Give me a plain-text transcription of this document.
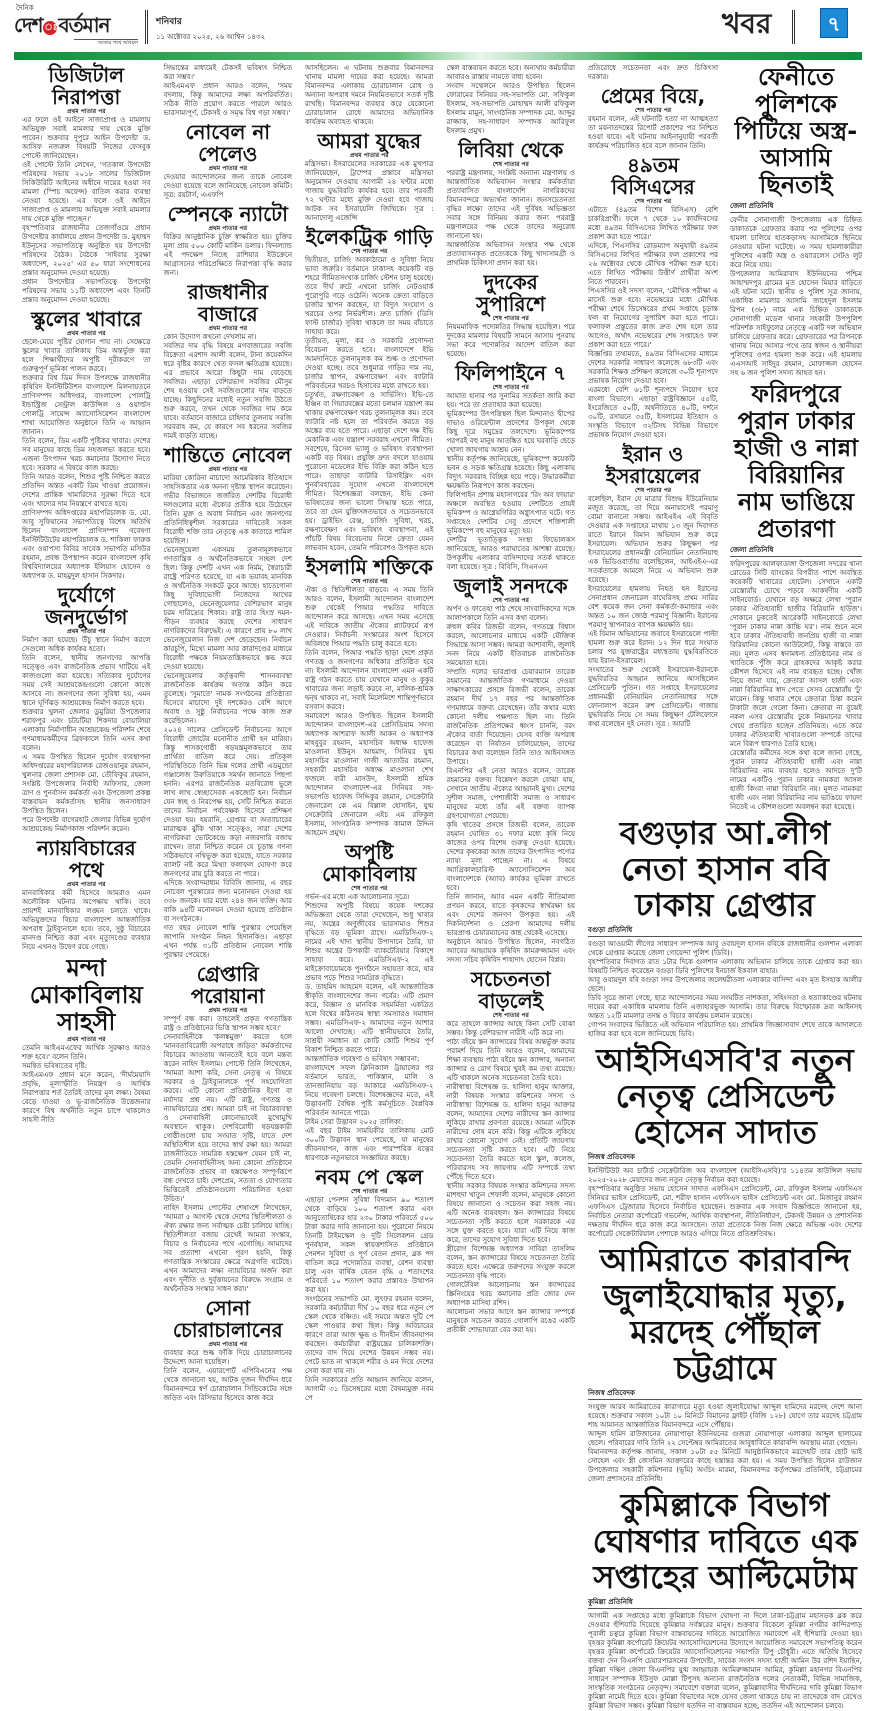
দৈনিক
দেশ ঃবর্তমান
সত্যের পথে অবিচল
শনিবার
১১ অক্টোবর ২০২৫, ২৬ আশ্বিন ১৪৩২	খবর	৭
ডিজিটাল নিরাপত্তা
প্রথম পাতার পর

এর ফলে ওই আইনে সাজাপ্রাপ্ত ও মামলায় অভিযুক্ত সবাই মামলার দায় থেকে মুক্তি পাবেন। শুক্রবার দুপুরে আইন উপদেষ্টা ড. আসিফ নজরুল বিষয়টি নিজের ফেসবুক পোস্টে জানিয়েছেন।

ওই পোস্টে তিনি লেখেন, 'গতকাল উপদেষ্টা পরিষদের সভায় ২০১৮ সালের ডিজিটাল সিকিউরিটি আইনের অধীনে দায়ের হওয়া সব মামলা (স্পিচ অফেন্স) বাতিল করার ব্যবস্থা নেওয়া হয়েছে। এর ফলে ওই আইনে সাজাপ্রাপ্ত ও মামলায় অভিযুক্ত সবাই মামলার দায় থেকে মুক্তি পাচ্ছেন।'

বৃহস্পতিবার রাজধানীর তেজগাঁওয়ে প্রধান উপদেষ্টার কার্যালয়ে প্রধান উপদেষ্টা ড. মুহাম্মদ ইউনূসের সভাপতিত্বে অনুষ্ঠিত হয় উপদেষ্টা পরিষদের বৈঠক। বৈঠকে 'সাইবার সুরক্ষা অধ্যাদেশ, ২০২৫' এর ৫০ ধারা সংশোধনের প্রস্তাব অনুমোদন দেওয়া হয়েছে।

প্রধান উপদেষ্টার সভাপতিত্বে উপদেষ্টা পরিষদের সভায় ১১টি অধ্যাদেশ এবং তিনটি প্রস্তাব অনুমোদন দেওয়া হয়েছে।

স্কুলের খাবারে
প্রথম পাতার পর

ছেলে-মেয়ে পুষ্টির যোগান পায় না। সেক্ষেত্রে স্কুলের খাবার তালিকায় ডিম অন্তর্ভুক্ত করা হলে শিক্ষার্থীদের অপুষ্টি দূরীকরণে তা গুরুত্বপূর্ণ ভূমিকা পালন করবে।

শুক্রবার বিশ্ব ডিম দিবস উপলক্ষে রাজধানীর কৃষিবিদ ইনস্টিটিউশন বাংলাদেশ মিলনায়তনে প্রাণিসম্পদ অধিদপ্তর, বাংলাদেশ পোলট্রি ইন্ডাস্ট্রিজ সেন্ট্রাল কাউন্সিল ও ওয়ার্ল্ডস পোলট্রি সায়েন্স অ্যাসোসিয়েশন বাংলাদেশ শাখা আয়োজিত অনুষ্ঠানে তিনি এ আহ্বান জানান।

তিনি বলেন, ডিম একটি পুষ্টিকর খাবার। দেশের সব মানুষের কাছে ডিম সহজলভ্য করতে হবে। এজন্য উৎপাদন খরচ কমানোর উদ্যোগ নিতে হবে। সরকার এ বিষয়ে কাজ করছে।

তিনি আরও বলেন, শিশুর পুষ্টি নিশ্চিত করতে প্রতিদিন অন্তত একটি ডিম খাওয়া প্রয়োজন। দেশের প্রান্তিক খামারিদের সুরক্ষা দিতে হবে এবং খাদ্যের দাম নিয়ন্ত্রণে রাখতে হবে।

প্রাণিসম্পদ অধিদপ্তরের মহাপরিচালক ড. মো. আবু সুফিয়ানের সভাপতিত্বে বিশেষ অতিথি ছিলেন বাংলাদেশ প্রাণিসম্পদ গবেষণা ইনস্টিটিউটের মহাপরিচালক ড. শাকিলা ফারুক এবং ওয়াপসা বিবির সাবেক সভাপতি মসিউর রহমান, প্রবন্ধ উপস্থাপন করেন বাংলাদেশ কৃষি বিশ্ববিদ্যালয়ের অধ্যাপক ইলিয়াস হোসেন ও অধ্যাপক ড. মাহমুদুল হাসান সিকদার।

দুর্যোগে জনদুর্ভোগ
প্রথম পাতার পর

নির্মাণ করা হয়েছে। উঁচু স্থানে নির্মাণ করলে সেগুলো অধিক কার্যকর হতো।

তিনি বলেন, স্থানীয় জনগণের আপত্তি সত্ত্বেও এবং রাজনৈতিক প্রভাব খাটিয়ে এই কাজগুলো করা হয়েছে। সত্যিকার দুর্যোগের সময় সেই আশ্রয়কেন্দ্রগুলো কোনো কাজে আসবে না। জনগণের জন্য সুবিধা হয়, এমন স্থানে ঘূর্ণিঝড় আশ্রয়কেন্দ্র নির্মাণ করতে হবে।

শুক্রবার খুলনা জেলার ডুমুরিয়া উপজেলার শরাফপুর এবং চটচটিয়া শিকদার বোয়ালিয়া এলাকায় নির্মাণাধীন আশ্রয়কেন্দ্র পরিদর্শন শেষে গণমাধ্যমকর্মীদের ব্রিফকালে তিনি এসব কথা বলেন।

এ সময় উপস্থিত ছিলেন দুর্যোগ ব্যবস্থাপনা অধিদপ্তরের মহাপরিচালক রেজওয়ানুর রহমান, খুলনার জেলা প্রশাসক মো. তৌফিকুর রহমান, সংশ্লিষ্ট উপজেলার নির্বাহী অফিসার, জেলা ত্রাণ ও পুনর্বাসন কর্মকর্তা এবং উপজেলা প্রকল্প বাস্তবায়ন কর্মকর্তাসহ স্থানীয় জনসাধারণ উপস্থিত ছিলেন।

পরে উপদেষ্টা বাগেরহাট জেলার বিভিন্ন দুর্যোগ আশ্রয়কেন্দ্র নির্মাণকাজ পরিদর্শন করেন।

ন্যায়বিচারের পথে
প্রথম পাতার পর

মানবাধিকার কর্মী হিসেবে আমরাও এমন অলৌকিক ঘটনার অপেক্ষায় থাকি। তবে প্রায়শই মানবাধিকার লঙ্ঘন চলতে থাকে। অভিযুক্তদের বিচার বাংলাদেশ আন্তর্জাতিক অপরাধ ট্রাইব্যুনালে হবে। তবে, সুষ্ঠু বিচারের মানদণ্ড নিশ্চিত করা এবং মৃত্যুদণ্ডের ব্যবহার নিয়ে এখনও উদ্বেগ রয়ে গেছে।

মন্দা মোকাবিলায় সাহসী
প্রথম পাতার পর

তেমনি আইএমএফের আর্থিক সুরক্ষাও আরও শক্ত হবে।' বলেন তিনি।

সমন্বিত ভবিষ্যতের দৃষ্টি:

আইএমএফ প্রধান মনে করেন, 'দীর্ঘমেয়াদি প্রবৃদ্ধি, মূল্যস্ফীতি নিয়ন্ত্রণ ও আর্থিক নিরাপত্তার শর্ত তৈরিই তাদের মূল লক্ষ্য। বৈষম্য বেড়ে যাওয়া ও ভূ-রাজনৈতিক উত্তেজনার কারণে বিশ্ব অর্থনীতি নতুন চাপে থাকলেও সাহসী নীতি

সিদ্ধান্তের মাধ্যমেই টেকসই ভবিষ্যৎ নিশ্চিত করা সম্ভব।'

আইএমএফ প্রধান আরও বলেন, 'সময় বদলায়, কিন্তু আমাদের লক্ষ্য অপরিবর্তিত। সঠিক নীতি প্রয়োগ করতে পারলে আরও ভারসাম্যপূর্ণ, টেকসই ও সমৃদ্ধ বিশ্ব গড়া সম্ভব।'

নোবেল না পেলেও
প্রথম পাতার পর

দেওয়ার আন্দোলনের জন্য তাকে নোবেল দেওয়া হয়েছে বলে জানিয়েছে নোবেল কমিটি। সূত্র: রয়টার্স, এএফপি

স্পেনকে ন্যাটো
প্রথম পাতার পর

বিক্রির আনুষ্ঠানিক চুক্তি স্বাক্ষরিত হয়। চুক্তির মূল্য প্রায় ৫০০ কোটি মার্কিন ডলার। ফিনল্যান্ড এই পদক্ষেপ নিচ্ছে রাশিয়ার ইউক্রেনে আগ্রাসনের পরিপ্রেক্ষিতে নিরাপত্তা বৃদ্ধি করার জন্য।

রাজধানীর বাজারে
প্রথম পাতার পর

কোন উদ্যোগ কখনো দেখলাম না।

সবজির দাম বৃদ্ধি বিষয়ে মগবাজারের সবজি বিক্রেতা এরশাদ আলী বলেন, টানা কয়েকদিন ধরে বৃষ্টির কারণে খেত ফসল ক্ষতিগ্রস্ত হয়েছে। এর প্রভাবে আরো কিছুটা দাম বেড়েছে সবজির। এছাড়া বেশিরভাগ সবজির মৌসুম শেষ হওয়ায় সেই সবজিগুলোর দাম বাড়তে যাচ্ছে। কিছুদিনের মধ্যেই নতুন সবজি উঠতে শুরু করবে, তখন থেকে সবজির দাম কমে যাবে। বর্তমানে বাজারে চাহিদার তুলনায় সবজি সরবরাহ কম, যে কারণে সব ধরনের সবজির দামই বাড়তি যাচ্ছে।

শান্তিতে নোবেল
প্রথম পাতার পর

মারিয়া কোরিনা মাচাদো আমেরিকার ইতিহাসে সাহসিকতার এক অনন্য দৃষ্টান্ত স্থাপন করেছেন। গভীর বিভাজনে জর্জরিত দেশটির বিরোধী দলগুলোর মধ্যে ঐক্যের প্রতীক হয়ে উঠেছেন তিনি। মুক্ত ও অবাধ নির্বাচন এবং জনগণের প্রতিনিধিত্বশীল সরকারের দাবিতেই সকল বিরোধী শক্তি তার নেতৃত্বে এক কাতারে শামিল হয়েছিল।

ভেনেজুয়েলা একসময় তুলনামূলকভাবে গণতান্ত্রিক ও অর্থনৈতিকভাবে সচ্ছল দেশ ছিল। কিন্তু দেশটি এখন এক নির্মম, স্বৈরাচারী রাষ্ট্রে পরিণত হয়েছে, যা এক ভয়াবহ মানবিক ও অর্থনৈতিক সংকটে ডুবে আছে। হাতেগোনা কিছু সুবিধাভোগী নিজেদের আখের গোছালেও, ভেনেজুয়েলার বেশিরভাগ মানুষ চরম দারিদ্র্যের শিকার। রাষ্ট্র তার হিংস্র দমন-পীড়ন ব্যবহার করছে দেশের সাধারণ নাগরিকদের বিরুদ্ধেই। এ কারণে প্রায় ৮০ লাখ ভেনেজুয়েলান নিজ দেশ ছেড়েছেন। নির্বাচন কারচুপি, মিথ্যে মামলা আর কারাদণ্ডের মাধ্যমে বিরোধী পক্ষকে নিয়মতান্ত্রিকভাবে স্তব্ধ করে দেওয়া হয়েছে।

ভেনেজুয়েলার কর্তৃত্ববাদী শাসনব্যবস্থা রাজনৈতিক কার্যক্রম অত্যন্ত কঠিন করে তুলেছে। 'সুমাতে' নামক সংগঠনের প্রতিষ্ঠাতা হিসেবে মাচাদো দুই দশকেরও বেশি আগে অবাধ ও সুষ্ঠু নির্বাচনের পক্ষে কাজ শুরু করেছিলেন।

২০২৪ সালের প্রেসিডেন্ট নির্বাচনের আগে বিরোধী জোটের মনোনীত প্রার্থী হন মারিয়া। কিন্তু শাসকগোষ্ঠী ষড়যন্ত্রমূলকভাবে তার প্রার্থিতা বাতিল করে দেয়। প্রতিকূল পরিস্থিতিতে তিনি ভিন্ন দলের প্রার্থী এডমুন্ডো গঞ্জালেজ উরুতিয়াকে সমর্থন জানাতে পিছপা হননি। এরপর রাজনৈতিক মতবিরোধ ভুলে লাখ লাখ স্বেচ্ছাসেবক একজোট হন। নির্বাচন যেন স্বচ্ছ ও নিরপেক্ষ হয়, সেটি নিশ্চিত করতে তাদের নির্বাচন পর্যবেক্ষক হিসেবে প্রশিক্ষণ দেওয়া হয়। হয়রানি, গ্রেপ্তার বা অত্যাচারের মারাত্মক ঝুঁকি থাকা সত্ত্বেও, সারা দেশের নাগরিকরা ভোটকেন্দ্রে কড়া নজরদারি বজায় রাখেন। তারা নিশ্চিত করেন যে চূড়ান্ত গণনা সঠিকভাবে নথিভুক্ত করা হয়েছে, যাতে সরকার ব্যালট নষ্ট করে মিথ্যা ফলাফল ঘোষণা করে জনগণের রায় চুরি করতে না পারে।

এদিকে সংবাদমাধ্যম বিবিসি জানায়, এ বছর নোবেল পুরস্কারের জন্য মনোনয়ন দেওয়া হয় ৩৩৮ জনকে। যার মধ্যে ২৪৪ জন ব্যক্তি। আর বাকি ৯৪টি মনোনয়ন দেওয়া হয়েছে প্রতিষ্ঠান বা সংগঠনকে।

গত বছর নোবেল শান্তি পুরস্কার পেয়েছিল জাপানি সংগঠন নিহন হিদানকিও। এছাড়া এখন পর্যন্ত ৩১টি প্রতিষ্ঠান নোবেল শান্তি পুরস্কার পেয়েছে।

গ্রেপ্তারি পরোয়ানা
প্রথম পাতার পর

সম্পূর্ণ বন্ধ করা। তাহলেই প্রকৃত গণতান্ত্রিক রাষ্ট্র ও প্রতিষ্ঠানের ভিত্তি স্থাপন সম্ভব হবে।'

সেনাবাহিনীকে 'কলঙ্কমুক্ত' করতে হলে 'মানবতাবিরোধী অপরাধে জড়িত' কর্মকর্তাদের বিচারের আওতায় আনতেই হবে বলে মন্তব্য করেন নাহিদ ইসলাম। পোস্টে তিনি লিখেছেন, 'আমরা আশা করি, সেনা নেতৃত্ব এ বিষয়ে সরকার ও ট্রাইব্যুনালকে পূর্ণ সহযোগিতা করবে। এটি কোনো প্রতিষ্ঠানিক ইগো বা মর্যাদার প্রশ্ন নয়। এটি রাষ্ট্র, গণতন্ত্র ও ন্যায়বিচারের প্রশ্ন। আমরা চাই না বিচারব্যবস্থা ও সেনাবাহিনী কোনোভাবেই মুখোমুখি অবস্থানে থাকুক। দেশবিরোধী ষড়যন্ত্রকারী গোষ্ঠীগুলো চায় সংঘাত সৃষ্টি, যাতে দেশ অস্থিতিশীল হয়ে তাদের স্বার্থ রক্ষা হয়। আমরা রাজনীতিতে সামরিক হস্তক্ষেপ যেমন চাই না, তেমনি সেনাবাহিনীসহ অন্য কোনো প্রতিষ্ঠানে রাজনৈতিক প্রভাব বা হস্তক্ষেপও সম্পূর্ণরূপে বন্ধ দেখতে চাই। দেশপ্রেম, সততা ও যোগ্যতার ভিত্তিতেই প্রতিষ্ঠানগুলো পরিচালিত হওয়া উচিত।'

নাহিদ ইসলাম পোস্টের শেষাংশে লিখেছেন, 'আমরা ৫ আগস্ট থেকে দেশের স্থিতিশীলতা ও ঐক্য রক্ষার জন্য সর্বাত্মক চেষ্টা চালিয়ে যাচ্ছি। স্থিতিশীলতা বজায় রেখেই আমরা সংস্কার, বিচার ও নির্বাচনের পথে এগোচ্ছি। আমাদের সব প্রত্যাশা এখনো পূরণ হয়নি, কিন্তু গণতান্ত্রিক সংস্কারের ক্ষেত্রে অগ্রগতি ঘটেছে। এখন আমাদের লক্ষ্য ন্যায়বিচার অর্জন করা এবং দুর্নীতি ও দুর্বৃত্তায়নের বিরুদ্ধে সংগ্রাম ও অর্থনৈতিক সংস্কার সাধন করা।'

সোনা চোরাচালানের
প্রথম পাতার পর

ব্যবহার করে শুল্ক ফাঁকি দিয়ে চোরাচালানের উদ্দেশ্যে আনা হয়েছিল।

তিনি বলেন, এয়ারপোর্ট এপিবিএনের পক্ষ থেকে জানানো হয়, আটক দুজন দীর্ঘদিন ধরে বিমানবন্দরে স্বর্ণ চোরাচালান সিন্ডিকেটের সঙ্গে জড়িত এবং রিসিভার হিসেবে কাজ করে

আসছিলেন। এ ঘটনায় শুক্রবার বিমানবন্দর থানায় মামলা দায়ের করা হয়েছে। আমরা বিমানবন্দর এলাকায় চোরাচালান রোধ ও অন্যান্য অপরাধ দমনে নিয়মিতভাবে সতর্ক দৃষ্টি রাখছি। বিমানবন্দর ব্যবহার করে যেকোনো চোরাচালান রোধে আমাদের অভিযানিক কার্যক্রম অব্যাহত থাকবে।

আমরা যুদ্ধের
প্রথম পাতার পর

মন্ত্রিসভা। ইসরায়েলের সরকারের এক মুখপাত্র জানিয়েছেন, ট্রাম্পের প্রস্তাবে মন্ত্রিসভা অনুমোদন দেওয়ায় আগামী ২৪ ঘণ্টার মধ্যে গাজায় যুদ্ধবিরতি কার্যকর হবে। তার পরবর্তী ৭২ ঘণ্টার মধ্যে মুক্তি দেওয়া হবে গাজায় আটক সব ইসরায়েলি জিম্মিকে। সূত্র : আনাদোলু এজেন্সি

ইলেকট্রিক গাড়ি
শেষ পাতার পর

দ্বিতীয়ত, চার্জিং অবকাঠামো ও সুবিধা নিয়ে ভাবা জরুরি। বর্তমানে ঢাকাসহ কয়েকটি বড় শহরে সীমিতসংখ্যক চার্জিং স্টেশন চালু হয়েছে। তবে দীর্ঘ রুটে এখনো চার্জিং নেটওয়ার্ক পুরোপুরি গড়ে ওঠেনি। অনেক ক্রেতা বাড়িতে চার্জার স্থাপন করছেন, যা বিদ্যুৎ সংযোগ ও খরচের ওপর নির্ভরশীল। দ্রুত চার্জিং (ডিসি ফাস্ট চার্জার) সুবিধা থাকলে তা সময় বাঁচাতে সাহায্য করে।

তৃতীয়ত, মূল্য, কর ও সরকারি প্রণোদনা বিবেচনা করতে হবে। বাংলাদেশে ইভি আমদানিতে তুলনামূলক কম শুল্ক ও প্রণোদনা দেওয়া হচ্ছে। তবে শুধুমাত্র গাড়ির দাম নয়, চার্জার স্থাপন, রক্ষণাবেক্ষণ এবং ব্যাটারি পরিবর্তনের খরচও হিসাবের মধ্যে রাখতে হয়।

চতুর্থত, রক্ষণাবেক্ষণ ও সার্ভিসিং। ইভি-তে ইঞ্জিন বা গিয়ারবক্সের মতো চলমান যন্ত্রাংশ কম থাকায় রক্ষণাবেক্ষণ খরচ তুলনামূলক কম। তবে ব্যাটারি নষ্ট হলে তা পরিবর্তন করতে বড় অঙ্কের ব্যয় হতে পারে। এছাড়া দেশে দক্ষ ইভি মেকানিক এবং যন্ত্রাংশ সরবরাহ এখনো সীমিত।

সবশেষে, রিসেল ভ্যালু ও ভবিষ্যৎ ব্যবস্থাপনা একটি বড় বিষয়। প্রযুক্তি দ্রুত বদলে যাওয়ায় পুরোনো মডেলের ইভি বিক্রি করা কঠিন হতে পারে। তাছাড়া ব্যাটারি রিসাইক্লিং এবং পুনর্ব্যবহারের সুযোগ এখনো বাংলাদেশে সীমিত। বিশেষজ্ঞরা বলছেন, ইভি কেনা ভবিষ্যতের জন্য ভালো সিদ্ধান্ত হতে পারে, তবে তা যেন যুক্তিসঙ্গতভাবে ও সচেতনভাবে হয়। ড্রাইভিং রেঞ্জ, চার্জিং সুবিধা, খরচ, রক্ষণাবেক্ষণ এবং ভবিষ্যৎ ব্যবস্থাপনা, এই পাঁচটি বিষয় বিবেচনায় নিলে ক্রেতা যেমন লাভবান হবেন, তেমনি পরিবেশও উপকৃত হবে।

ইসলামি শক্তিকে
শেষ পাতার পর

ঐক্য ও স্থিতিশীলতা বাড়বে। এ সময় তিনি আরও বলেন, ইসলামী আন্দোলন বাংলাদেশ শুরু থেকেই পিআর পদ্ধতির দাবিতে আন্দোলন করে আসছে। এখন সময় এসেছে এই দাবিকে জাতীয় ঐক্যের প্ল্যাটফর্মে রূপ দেওয়ার। নির্বাচনী সংস্কারের অংশ হিসেবে অবিলম্বে পিআর পদ্ধতি চালু করতে হবে।

তিনি বলেন, পিআর পদ্ধতি ছাড়া দেশে প্রকৃত গণতন্ত্র ও জনগণের অধিকার প্রতিষ্ঠিত হবে না। ইসলামী আন্দোলন বাংলাদেশ এমন একটি রাষ্ট্র গঠন করতে চায় যেখানে মানুষ ও কুকুর খাবারের জন্য লড়াই করবে না, মালিক-শ্রমিক দ্বন্দ্ব থাকবে না, সবাই মিলেমিশে শান্তিপূর্ণভাবে বসবাস করবে।

সমাবেশে আরও উপস্থিত ছিলেন ইসলামী আন্দোলন বাংলাদেশ-এর প্রেসিডিয়াম সদস্য অধ্যাপক আশরাফ আলী আকন ও অধ্যাপক মাহবুবুর রহমান, মহাসচিব অধ্যক্ষ হাফেজ মাওলানা ইউনুস আহমাদ, সিনিয়র যুগ্ম মহাসচিব মাওলানা গাজী আতাউর রহমান, সহকারী মহাসচিব অধ্যক্ষ মাওলানা শেখ ফজলে বারী মাসউদ, ইসলামী শ্রমিক আন্দোলন বাংলাদেশ-এর সিনিয়র সহ-সভাপতি হাফেজ সিদ্দিকুর রহমান, সেক্রেটারি জেনারেল কে এম বিল্লাল হোসাইন, যুগ্ম সেক্রেটারি জেনারেল এইচ এম রফিকুল ইসলাম, সাংগঠনিক সম্পাদক কামাল উদ্দিন আহমেদ প্রমুখ।

অপুষ্টি মোকাবিলায়
শেষ পাতার পর

গর্ভন-এর মধ্যে এক আলোচনার সূত্রে।

শিশুদের অপুষ্টি বিষয়ে কয়েক দশকের অভিজ্ঞতা থেকে তারা দেখেছেন, শুধু খাবার নয়, অন্ত্রের অণুজীবের ভারসাম্যও শিশুর বৃদ্ধিতে বড় ভূমিকা রাখে। এমডিসিএফ-২ নামের এই খাদ্য স্থানীয় উপাদানে তৈরি, যা শিশুর অন্ত্রের উপকারী ব্যাকটেরিয়ার বিকাশে সাহায্য করে। এমডিসিএফ-২ এই মাইক্রোবায়োমকে পুনর্গঠনে সহায়তা করে, যার প্রভাব পড়ে শিশুর সামগ্রিক বৃদ্ধিতে।

ড. তাহমিদ আহমেদ বলেন, এই আন্তর্জাতিক স্বীকৃতি বাংলাদেশের জন্য গর্বের। এটি প্রমাণ করে, বিজ্ঞান ও মানবিক সহমর্মিতা একত্রিত হলে বিশ্বের কঠিনতম স্বাস্থ্য সমস্যারও সমাধান সম্ভব। এমডিসিএফ-২ আমাদের নতুন আশার আলো দেখাচ্ছে। এটি স্থানীয়ভাবে তৈরি, সাশ্রয়ী সমাধান যা কোটি কোটি শিশুর পূর্ণ বিকাশ নিশ্চিত করতে পারে।

আন্তর্জাতিক গবেষণা ও ভবিষ্যৎ সম্ভাবনা:

বাংলাদেশে সফল ক্লিনিক্যাল ট্রায়ালের পর বর্তমানে ভারত, পাকিস্তান, মালি ও তানজানিয়ায় বড় আকারে এমডিসিএফ-২ নিয়ে গবেষণা চলছে। বিশেষজ্ঞদের মতে, এই উদ্ভাবনটি বৈশ্বিক পুষ্টি কর্মসূচিতে বৈপ্লবিক পরিবর্তন আনতে পারে।

টাইম সেরা উদ্ভাবন ২০২৫ তালিকা:

এই বছর টাইম সাময়িকীর তালিকায় মোট ৩০০টি উদ্ভাবন স্থান পেয়েছে, যা মানুষের জীবনযাপন, কাজ এবং পারস্পরিক যত্নের ধারণাকে নতুনভাবে সংজ্ঞায়িত করছে।

নবম পে স্কেল
শেষ পাতার পর

এছাড়া পেনশন সুবিধা বিদ্যমান ৯০ শতাংশ থেকে বাড়িয়ে ১০০ শতাংশ করার এবং আনুতোষিকের হার ২৩০ টাকার পরিবর্তে ৫০০ টাকা করার দাবি জানানো হয়। পুরোনো নিয়মে তিনটি টাইমস্কেল ও দুটি সিলেকশন গ্রেড পুনর্বহাল, সকল স্বায়ত্তশাসিত প্রতিষ্ঠানে পেনশন সুবিধা ও পূর্ণ বেতন প্রদান, ব্লক পদ বাতিল করে পদোন্নতির ব্যবস্থা, রেশন ব্যবস্থা চালু এবং বার্ষিক বেতন বৃদ্ধি ৫ শতাংশের পরিবর্তে ১০ শতাংশ করার প্রস্তাবও উত্থাপন করা হয়।

সংগঠনের সভাপতি মো. লুৎফর রহমান বলেন, সরকারি কর্মচারীরা দীর্ঘ ১০ বছর ধরে নতুন পে স্কেল থেকে বঞ্চিত। এই সময়ে অন্তত দুটি পে স্কেল পাওয়ার কথা ছিল। কিন্তু অবিচারের কারণে তারা আজ ক্ষুব্ধ ও দীনহীন জীবনযাপন করছেন। কর্মচারীরা রাষ্ট্রযন্ত্রের চালিকাশক্তি। তাদের বাদ দিয়ে দেশের উন্নয়ন সম্ভব নয়। পেটে ভাত না থাকলে শরীর ও মন দিয়ে দেশের সেবা করা যায় না।

তিনি সরকারের প্রতি আহ্বান জানিয়ে বলেন, আগামী ৩১ ডিসেম্বরের মধ্যে বৈষম্যমুক্ত নবম পে

স্কেল বাস্তবায়ন করতে হবে। অন্যথায় কর্মচারীরা আবারও রাস্তায় নামতে বাধ্য হবেন।

সংবাদ সম্মেলনে আরও উপস্থিত ছিলেন ফোরামের সিনিয়র সহ-সভাপতি মো. সফিকুল ইসলাম, সহ-সভাপতি মোহাম্মদ আলী রফিকুল ইসলাম মামুন, সাংগঠনিক সম্পাদক মো. আব্দুর রাজ্জাক, সহ-সাধারণ সম্পাদক আরিফুল ইসলাম প্রমুখ।

লিবিয়া থেকে
শেষ পাতার পর

পররাষ্ট্র মন্ত্রণালয়, সংশ্লিষ্ট অন্যান্য মন্ত্রণালয় ও আন্তর্জাতিক অভিবাসন সংস্থার কর্মকর্তারা প্রত্যাবাসিত বাংলাদেশি নাগরিকদের বিমানবন্দরে অভ্যর্থনা জানান। জনসচেতনতা বৃদ্ধির লক্ষ্যে তাদের এই দুর্বিষহ অভিজ্ঞতা সবার সঙ্গে বিনিময় করার জন্য পররাষ্ট্র মন্ত্রণালয়ের পক্ষ থেকে তাদের অনুরোধ জানানো হয়।

আন্তর্জাতিক অভিবাসন সংস্থার পক্ষ থেকে প্রত্যাবাসনকৃত প্রত্যেককে কিছু খাদ্যসামগ্রী ও প্রাথমিক চিকিৎসা প্রদান করা হয়।

দুদকের সুপারিশে
শেষ পাতার পর

নিয়মমাফিক পদোন্নতির সিদ্ধান্ত হয়েছিল। পরে দুদকের মামলার বিষয়টি সামনে আসায় পুনরায় সভা করে পদোন্নতির আদেশ বাতিল করা হয়েছে।

ফিলিপাইনে ৭
শেষ পাতার পর

আঘাত হানার পর সুনামির সতর্কতা জারি করা হয়। পরে তা প্রত্যাহার করা হয়েছে।

ভূমিকম্পের উৎপত্তিস্থল ছিল মিন্দানাও দ্বীপের দাভাও ওরিয়েন্টাল প্রদেশের উপকূল থেকে কিছু দূরে সমুদ্রের তলদেশে। ভূমিকম্পের পরপরই বহু মানুষ আতঙ্কিত হয়ে ঘরবাড়ি ছেড়ে খোলা জায়গায় আশ্রয় নেন।

স্থানীয় কর্তৃপক্ষ জানিয়েছে, ভূমিকম্পে কয়েকটি ভবন ও সড়ক ক্ষতিগ্রস্ত হয়েছে। কিছু এলাকায় বিদ্যুৎ সরবরাহ বিচ্ছিন্ন হয়ে পড়ে। উদ্ধারকর্মীরা ক্ষয়ক্ষতি নিরূপণে কাজ করছেন।

ফিলিপাইন প্রশান্ত মহাসাগরের 'রিং অব ফায়ার' অঞ্চলে অবস্থিত হওয়ায় দেশটিতে প্রায়ই ভূমিকম্প ও আগ্নেয়গিরির অগ্ন্যুৎপাত ঘটে। গত সপ্তাহেও দেশটির সেবু প্রদেশে শক্তিশালী ভূমিকম্পে বহু মানুষের মৃত্যু হয়।

দেশটির ভূতাত্ত্বিক সংস্থা ফিভোলকস জানিয়েছে, আরও পরাঘাতের আশঙ্কা রয়েছে। উপকূলীয় এলাকার বাসিন্দাদের সতর্ক থাকতে বলা হয়েছে। সূত্র : বিবিসি, সিএনএন

জুলাই সনদকে
শেষ পাতার পর

অর্পণ ও ফাতেহা পাঠ শেষে সাংবাদিকদের সঙ্গে আলাপকালে তিনি এসব কথা বলেন।

রুহুল কবির রিজভী বলেন, গণতন্ত্রে বিশ্বাস করলে, আলোচনার মাধ্যমে একটি যৌক্তিক সিদ্ধান্তে আসা সম্ভব। আমরা আশাবাদী, জুলাই সনদ নিয়ে একটি ইতিবাচক রাজনৈতিক সমঝোতা হবে।

সম্প্রতি দলের ভারপ্রাপ্ত চেয়ারম্যান তারেক রহমানের আন্তর্জাতিক গণমাধ্যমে দেওয়া সাক্ষাৎকারের প্রসঙ্গে রিজভী বলেন, তারেক রহমান দীর্ঘ ১৭ বছর পর আন্তর্জাতিক গণমাধ্যমে বক্তব্য রেখেছেন। তাঁর কথার মধ্যে কোনো দলীয় পক্ষপাত ছিল না। তিনি রাজনৈতিক প্রতিপক্ষের ধ্বংস চাননি, বরং ঐক্যের বার্তা দিয়েছেন। যেসব ব্যক্তি অপরাধ করেছেন বা নির্যাতন চালিয়েছেন, তাদের বিচারের কথা বলেছেন তিনি তাও আইনসঙ্গত উপায়ে।

বিএনপির এই নেতা আরও বলেন, তারেক রহমানের বক্তব্য বিশ্লেষণ করলে বোঝা যায়, সেখানে জাতীয় ঐক্যের আহ্বানই মুখ্য। দেশের সুশীল সমাজ, পেশাজীবী সমাজ ও সাধারণ মানুষের মধ্যে তাঁর এই বক্তব্য ব্যাপক গ্রহণযোগ্যতা পেয়েছে।

কৃষি খাতের প্রসঙ্গে রিজভী বলেন, তারেক রহমান ঘোষিত ৩১ দফার মধ্যে কৃষি নিয়ে কাজের ওপর বিশেষ গুরুত্ব দেওয়া হয়েছে। দেশের কৃষকেরা আজ তাদের উৎপাদিত পণ্যের ন্যায্য মূল্য পাচ্ছেন না। এ বিষয়ে অ্যাগ্রিকালচারিস্ট অ্যাসোসিয়েশন অব বাংলাদেশকে (অ্যাব) কার্যকর ভূমিকা রাখতে হবে।

তিনি জানান, অ্যাব এমন একটি নীতিমালা প্রণয়ন করবে, যাতে কৃষকদের স্বার্থরক্ষা হয় এবং দেশের জনগণ উপকৃত হয়। এই দিকনির্দেশনা ও প্রেরণা আমাদের দলীয় ভারপ্রাপ্ত চেয়ারম্যানের কাছ থেকেই এসেছে।

অনুষ্ঠানে আরও উপস্থিত ছিলেন, নবগঠিত অ্যাবের আহ্বায়ক কৃষিবিদ কামরুজ্জামান এবং সদস্য সচিব কৃষিবিদ শাহাদাৎ হোসেন বিপ্লব।

সচেতনতা বাড়লেই
শেষ পাতার পর

করে তাহলে ক্যান্সার আছে কিনা সেটি বোঝা সম্ভব। কিন্তু বেশিরভাগ নারীই এটি করে না।

পাঠ্য বইয়ে স্তন ক্যান্সারের বিষয় অন্তর্ভুক্ত করার পরামর্শ দিয়ে তিনি আরও বলেন, আমাদের শিক্ষা ব্যবস্থায় পাঠ্য বইয়ে স্তন ক্যান্সার, অন্যান্য ক্যান্সার ও রোগ বিষয়ে খুবই কম তথ্য রয়েছে। এটি থাকলে অনেক সচেতনতা তৈরি হবে।

নারীস্বাস্থ্য বিশেষজ্ঞ ড. হালিদা হানুম আক্তার, নারী বিষয়ক সংস্কার কমিশনের সদস্য ও নারীস্বাস্থ্য বিশেষজ্ঞ ড. হালিদা হানুম আক্তার বলেন, আমাদের দেশের নারীদের স্তন ক্যান্সার লুকিয়ে রাখার প্রবণতা রয়েছে। আমরা এটিকে নারীদের দোষ মনে করি। কিন্তু এটিকে লুকিয়ে রাখার কোনো সুযোগ নেই। প্রতিটি জায়গায় সচেতনতা সৃষ্টি করতে হবে। এটি নিয়ে সচেতনতা তৈরি করতে হলে স্কুল, কলেজ, পরিবারসহ সব জায়গায় এটি সম্পর্কে তথ্য পৌঁছে দিতে হবে।

স্থানীয় সরকার বিষয়ক সংস্কার কমিশনের সদস্য মাশহুদা খাতুন শেফালী বলেন, মানুষকে কোনো বিষয়ে জানানো ও সচেতন করা সহজ নয়। এটি অনেক ব্যয়বহুল। স্তন ক্যান্সারের বিষয়ে সচেতনতা সৃষ্টি করতে হলে সরকারকে এর সঙ্গে যুক্ত করতে হবে। যারা এটি নিয়ে কাজ করে, তাদের সুযোগ সুবিধা দিতে হবে।

স্ত্রীরোগ বিশেষজ্ঞ অধ্যাপক সাবিরা তাসলিম বলেন, স্তন ক্যান্সারের বিষয়ে সচেতনতা তৈরি করতে হবে। এক্ষেত্রে তরুণদের সংযুক্ত করলে সচেতনতা বৃদ্ধি পাবে।

গোলটেবিল আলোচনায় স্তন ক্যান্সারের স্ক্রিনিংয়ের খরচ কমানোর প্রতি জোর দেন অধ্যাপক মাসিহা রশিদ।

আলোচনা সভার আগে স্তন ক্যান্সার সম্পর্কে মানুষকে সচেতন করতে গোলাপি রঙের একটি প্রতীকী শোভাযাত্রা বের করা হয়।

প্রতিরোধে সচেতনতা এবং দ্রুত চিকিৎসা দরকার।

প্রেমের বিয়ে,
শেষ পাতার পর

রহমান বলেন, এই ঘটনাটি হত্যা না আত্মহত্যা তা ময়নাতদন্তের রিপোর্ট প্রকাশের পর নিশ্চিত হওয়া যাবে। এই ঘটনায় আইনানুযায়ী পরবর্তী কার্যক্রম পরিচালিত হবে বলে জানান তিনি।

৪৯তম বিসিএসের
শেষ পাতার পর

এটাতে (৪৯তম বিশেষ বিসিএস) বেশি চাকরিপ্রার্থী। ফলে ৭ থেকে ১০ কার্যদিবসের মধ্যে ৪৯তম বিসিএসের লিখিত পরীক্ষার ফল প্রকাশ করা হতে পারে।'

এদিকে, পিএসসির রোডম্যাপ অনুযায়ী ৪৯তম বিসিএসের লিখিত পরীক্ষার ফল প্রকাশের পর ২৬ অক্টোবর থেকে মৌখিক পরীক্ষা শুরু হবে। এতে লিখিত পরীক্ষায় উত্তীর্ণ প্রার্থীরা অংশ নিতে পারবেন।

পিএসসির ওই সদস্য বলেন, 'মৌখিক পরীক্ষা এ মাসেই শুরু হবে। নভেম্বরের মধ্যে মৌখিক পরীক্ষা শেষে ডিসেম্বরের প্রথম সপ্তাহে চূড়ান্ত ফল বা নিয়োগের সুপারিশ করা হতে পারে। ফলাফল প্রস্তুতের কাজ দ্রুত শেষ হলে তার আগেও, অর্থাৎ নভেম্বরের শেষ সপ্তাহেও ফল প্রকাশ করা হতে পারে।'

বিজ্ঞপ্তির তথ্যমতে, ৪৯তম বিসিএসের মাধ্যমে দেশের সরকারি সাধারণ কলেজে ৬৮৩টি এবং সরকারি শিক্ষক প্রশিক্ষণ কলেজে ৩০টি শূন্যপদে প্রভাষক নিয়োগ দেওয়া হবে।

এরমধ্যে বেশি ৬১টি শূন্যপদে নিয়োগ হবে বাংলা বিভাগে। এছাড়া রাষ্ট্রবিজ্ঞানে ৫৫টি, ইংরেজিতে ৫০টি, অর্থনীতিতে ৪০টি, দর্শনে ৩০টি, রসায়নে ৩৫টি, ইসলামের ইতিহাস ও সংস্কৃতি বিভাগে ৩২টিসহ বিভিন্ন বিভাগে প্রভাষক নিয়োগ দেওয়া হবে।

ইরান ও ইসরায়েলের
শেষ পাতার পর

বলেছিল, ইরান যে মাত্রার বিশুদ্ধ ইউরেনিয়াম মজুত করেছে, তা দিয়ে অনায়াসেই পরমাণু বোমা বানানো সম্ভব। আইএইএ এই বিবৃতি দেওয়ার এক সপ্তাহের মাথায় ১৩ জুন দিবাগত রাতে ইরানে বিমান অভিযান শুরু করে ইসরায়েল। অভিযান শুরুর কিছুক্ষণ পর ইসরায়েলের প্রধানমন্ত্রী বেনিয়ামিন নেতানিয়াহু এক ভিডিওবার্তায় বলেছিলেন, আইএইএ-এর সতর্কতাকে আমলে নিয়ে এ অভিযান শুরু হয়েছে।

ইসরায়েলের হামলায় নিহত হন ইরানের সেনাপ্রধান জেনারেল বাঘেরিসহ প্রথম সারির বেশ কয়েক জন সেনা কর্মকর্তা-কমান্ডার এবং অন্তত ১০ জন জ্যেষ্ঠ পরমাণু বিজ্ঞানী। ইরানের পরমাণু স্থাপনারও ব্যাপক ক্ষয়ক্ষতি হয়।

এই বিমান অভিযানের জবাবে ইসরায়েলে পাল্টা হামলা শুরু করে ইরান। ১২ দিন ধরে সংঘাত চলার পর যুক্তরাষ্ট্রের মধ্যস্থতায় যুদ্ধবিরতিতে যায় ইরান-ইসরায়েল।

সংঘাতের শুরু থেকেই ইসরায়েল-ইরানকে যুদ্ধবিরতির আহ্বান জানিয়ে আসছিলেন প্রেসিডেন্ট পুতিন। গত সপ্তাহে ইসরায়েলের প্রধানমন্ত্রী বেনিয়ামিন নেতানিয়াহুর সঙ্গে ফোনালাপ করেন রুশ প্রেসিডেন্ট। গাজায় যুদ্ধবিরতি নিয়ে সে সময় কিছুক্ষণ টেলিফোনে কথা বলেছেন দুই নেতা। সূত্র : আরটি

ফেনীতে পুলিশকে পিটিয়ে অস্ত্র-আসামি ছিনতাই
জেলা প্রতিনিধি

ফেনীর সোনাগাজী উপজেলায় এক চিহ্নিত ডাকাতকে গ্রেফতার করার পর পুলিশের ওপর হামলা চালিয়ে হাতকড়াসহ আসামিকে ছিনিয়ে নেওয়ার ঘটনা ঘটেছে। এ সময় হামলাকারীরা পুলিশের একটি অস্ত্র ও ওয়্যারলেস সেটও লুট করে নিয়ে যায়।

উপজেলার আমিরাবাদ ইউনিয়নের পশ্চিম আহাম্মদপুর গ্রামের মৃত হোসেন মিয়ার বাড়িতে এই ঘটনা ঘটে। স্থানীয় ও পুলিশ সূত্র জানায়, একাধিক মামলার আসামি জাহেদুল ইসলাম রিপন (৩৮) নামে এক চিহ্নিত ডাকাতকে সোনাগাজী মডেল থানার সহকারী উপপুলিশ পরিদর্শক সাইফুলের নেতৃত্বে একটি দল অভিযান চালিয়ে গ্রেফতার করে। গ্রেফতারের পর রিপনকে থানায় নিয়ে আসার পথে তার স্বজন ও স্থানীয়রা পুলিশের ওপর হামলা শুরু করে। এই হামলায় এএসআই সাইদুর রহমান, মোফাজ্জল হোসেন সহ ৬ জন পুলিশ সদস্য আহত হন।

ফরিদপুরে পুরান ঢাকার হাজী ও নান্না বিরিয়ানির নাম ভাঙিয়ে প্রতারণা
জেলা প্রতিনিধি

ফরিদপুরের আলফাডাঙ্গা উপজেলা সদরের থানা রোডের সিটি ব্যাংকের বিপরীত পাশে অবস্থিত কয়েকটি খাবারের হোটেল। সেখানে একটি রেস্তোরাঁয় চোখে পড়বে আকর্ষণীয় একটি সাইনবোর্ড। যেখানে বড় অক্ষরে লেখা 'পুরান ঢাকার ঐতিহ্যবাহী হাজীর বিরিয়ানি হাউজ'। দোকানে ঢুকতেই আরেকটি সাইনবোর্ডে লেখা 'পুরান ঢাকার নান্না কাচ্চি ঘর'। নাম শুনে মনে হবে ঢাকার ঐতিহ্যবাহী জনপ্রিয় হাজী বা নান্না বিরিয়ানির কোনো আউটলেট, কিন্তু বাস্তবে তা নয়। মূলত এসব স্বনামধন্য প্রতিষ্ঠানের নাম ও খ্যাতিকে পুঁজি করে গ্রাহকদের আকৃষ্ট করার কৌশল হিসেবে এই নাম ব্যবহৃত হচ্ছে। খোঁজ নিয়ে জানা যায়, ক্রেতারা আসল হাজী এবং নান্না বিরিয়ানির স্বাদ পেতে সেসব রেস্তোরাঁয় 'ঢুঁ' মারেন। কিন্তু খাবার শেষে ক্রেতারা চিন্তা করেন টাকাটা জলে গেলো কিনা। ক্রেতারা না বুঝেই নকল এসব রেস্তোরাঁয় ঢুকে নিম্নমানের খাবার খেয়ে প্রতারিত হচ্ছেন প্রতিনিয়ত। এতে করে ঢাকার ঐতিহ্যবাহী খাবারগুলো সম্পর্কে তাদের মনে বিরূপ ধারণাও তৈরি হচ্ছে।

রেস্তোরাঁর কর্মীদের সঙ্গে কথা বলে জানা গেছে, পুরান ঢাকার ঐতিহ্যবাহী হাজী এবং নান্না বিরিয়ানির নাম ব্যবহার হলেও আদতে দু'টি নামের একটিও পুরান ঢাকার নামকরা আসল হাজী কিংবা নান্না বিরিয়ানি নয়। মূলত নামকরা হাজী এবং নান্না বিরিয়ানির নাম ভাঙিয়ে ফায়দা নিতেই এ কৌশলগুলো অবলম্বন করা হয়েছে।

বগুড়ার আ.লীগ নেতা হাসান ববি ঢাকায় গ্রেপ্তার
বগুড়া প্রতিনিধি

বগুড়া আওয়ামী লীগের সাধারণ সম্পাদক আবু ওবায়দুল হাসান ববিকে রাজধানীর গুলশান এলাকা থেকে গ্রেপ্তার করেছে জেলা গোয়েন্দা পুলিশ (ডিবি)।

বৃহস্পতিবার দিবাগত রাত ১টার দিকে গুলশান এলাকায় অভিযান চালিয়ে তাকে গ্রেপ্তার করা হয়। বিষয়টি নিশ্চিত করেছেন বগুড়া ডিবি পুলিশের ইনচার্জ ইকবাল বাহার।

আবু ওবায়দুল ববি বগুড়া সদর উপজেলার জলেশ্বরীতলা এলাকার বাসিন্দা এবং মৃত ইসহাক আলীর ছেলে।

ডিবি সূত্রে জানা গেছে, ছাত্র আন্দোলনের সময় সংঘটিত নাশকতা, সহিংসতা ও হত্যাকাণ্ডের ঘটনায় দায়ের করা একাধিক মামলায় তিনি এজাহারভুক্ত আসামি। তার বিরুদ্ধে বিস্ফোরক দ্রব্য আইনসহ অন্তত ১২টি মামলার তদন্ত ও বিচার কার্যক্রম চলমান রয়েছে।

গোপন সংবাদের ভিত্তিতে এই অভিযান পরিচালিত হয়। প্রাথমিক জিজ্ঞাসাবাদ শেষে তাকে আদালতে হাজির করা হবে বলে জানিয়েছে ডিবি।

আইসিএসবি'র নতুন নেতৃত্ব প্রেসিডেন্ট হোসেন সাদাত
নিজস্ব প্রতিবেদক

ইনস্টিটিউট অব চার্টার্ড সেক্রেটারিজ অব বাংলাদেশ (আইসিএসবি)'র ১১৪তম কাউন্সিল সভায় ২০২৫-২০২৮ মেয়াদের জন্য নতুন নেতৃত্ব নির্বাচন করা হয়েছে।

বৃহস্পতিবার অনুষ্ঠিত সভায় হোসেন সাদাত এফসিএস প্রেসিডেন্ট, মো. রফিকুল ইসলাম এফসিএস সিনিয়র ভাইস প্রেসিডেন্ট, মো. শরীফ হাসান এফসিএস ভাইস প্রেসিডেন্ট এবং মো. মিজানুর রহমান এফসিএস ট্রেজারার হিসেবে নির্বাচিত হয়েছেন। শুক্রবার এক সংবাদ বিজ্ঞপ্তিতে জানানো হয়, নির্বাচিত নেতারা কর্পোরেট গভর্নেন্স, আর্থিক ব্যবস্থাপনা, নীতিনির্ধারণ, টেকসই উন্নয়ন ও প্রশাসনিক দক্ষতায় দীর্ঘদিন ধরে কাজ করে আসছেন। তারা প্রত্যেকে নিজ নিজ ক্ষেত্রে অভিজ্ঞ এবং দেশের কর্পোরেট সেক্রেটারিয়াল পেশাকে আরও এগিয়ে নিতে প্রতিশ্রুতিবদ্ধ।

আমিরাতে কারাবন্দি জুলাইযোদ্ধার মৃত্যু, মরদেহ পৌঁছাল চট্টগ্রামে
নিজস্ব প্রতিবেদক

সংযুক্ত আরব আমিরাতের কারাগারে মৃত্যু হওয়া জুলাইযোদ্ধা আব্দুল হামিদের মরদেহ দেশে আনা হয়েছে। শুক্রবার সকাল ১০টা ১০ মিনিটে বিমানের ফ্লাইট (বিজি ১২৮) যোগে তার মরদেহ চট্টগ্রাম শাহ আমানত আন্তর্জাতিক বিমানবন্দরে এসে পৌঁছায়।

আব্দুল হামিদ রাউজানের নোয়াপাড়া ইউনিয়নের গুজরা নোয়াপাড়া এলাকার আব্দুল ছালামের ছেলে। পরিবারের দাবি তিনি ২২ সেপ্টেম্বর আমিরাতের আবুধাবিতে কারাবন্দি অবস্থায় মারা গেছেন।

বিমানবন্দর কর্তৃপক্ষ জানায়, সকাল ১০টা ৫৫ মিনিটে আনুষ্ঠানিকভাবে মরদেহটি তার ছোট ভাই সোহেল এবং স্ত্রী জেসমিন আক্তারের কাছে হস্তান্তর করা হয়। এ সময় উপস্থিত ছিলেন রাউজান উপজেলার সহকারী কমিশনার (ভূমি) অংচিং মারমা, বিমানবন্দর কর্তৃপক্ষের প্রতিনিধি, চট্টগ্রামের জেলা প্রশাসনের প্রতিনিধি।

কুমিল্লাকে বিভাগ ঘোষণার দাবিতে এক সপ্তাহের আল্টিমেটাম
কুমিল্লা প্রতিনিধি

আগামী এক সপ্তাহের মধ্যে কুমিল্লাকে বিভাগ ঘোষণা না দিলে ঢাকা-চট্টগ্রাম মহাসড়ক ব্লক করে দেওয়ার হুঁশিয়ারি দিয়েছে কুমিল্লার সর্বস্তরের মানুষ। শুক্রবার বিকেলে কুমিল্লা নগরীর কান্দিরপাড় পূবালী চত্বরে কুমিল্লা বিভাগ বাস্তবায়নের দাবিতে আয়োজিত সমাবেশে এই হুঁশিয়ারি দেওয়া হয়। বৃহত্তর কুমিল্লা কর্পোরেট ক্রিয়েটর অ্যাসোসিয়েশনের উদ্যোগে আয়োজিত সমাবেশে সভাপতিত্ব করেন বৃহত্তর কুমিল্লা কর্পোরেট ক্রিয়েটর অ্যাসোসিয়েশনের সভাপতি টিপু চৌধুরী। এতে অতিথি হিসেবে বক্তব্য দেন বিএনপি চেয়ারপারসনের উপদেষ্টা, সাবেক সংসদ সদস্য হাজী আমিন উর রশিদ ইয়াছিন, কুমিল্লা দক্ষিণ জেলা বিএনপির যুগ্ম আহ্বায়ক আমিরুজ্জামান আমির, কুমিল্লা মহানগর বিএনপির সাধারণ সম্পাদক ইউসুফ মোল্লা টিপুসহ অন্যান্য রাজনৈতিক দলের নেতাকর্মী, বিভিন্ন সামাজিক, সাংস্কৃতিক সংগঠনের নেতৃবৃন্দ। সমাবেশে বক্তারা বলেন, কুমিল্লাবাসীর দীর্ঘদিনের দাবি কুমিল্লা বিভাগ কুমিল্লা নামেই দিতে হবে। কুমিল্লা বিভাগের সঙ্গে যেসব জেলা থাকতে চায় না তাদেরকে বাদ রেখেও কুমিল্লা বিভাগ সম্ভব। কুমিল্লা বিভাগ যতদিন না বাস্তবায়ন হচ্ছে, ততদিন এই আন্দোলন চলবে।
